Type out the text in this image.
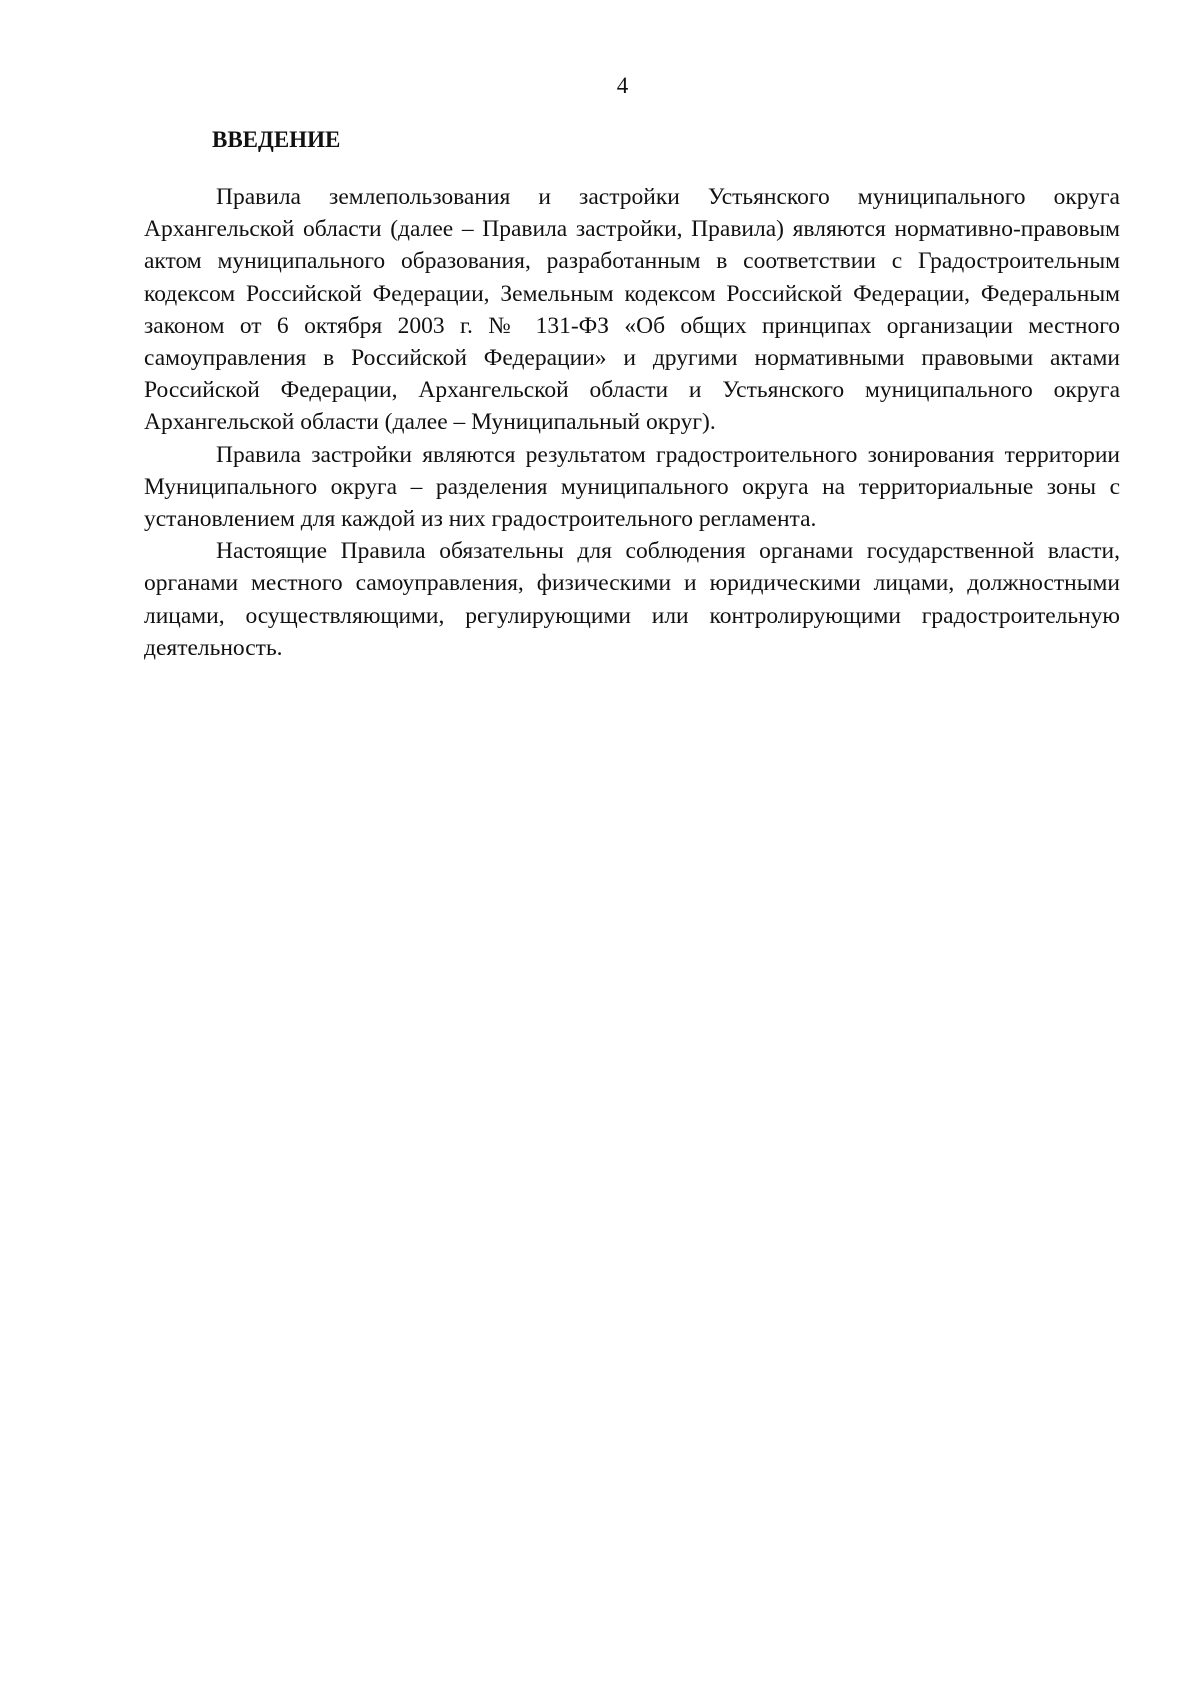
4
ВВЕДЕНИЕ

Правила землепользования и застройки Устьянского муниципального округа Архангельской области (далее – Правила застройки, Правила) являются нормативно-правовым актом муниципального образования, разработанным в соответствии с Градостроительным кодексом Российской Федерации, Земельным кодексом Российской Федерации, Федеральным законом от 6 октября 2003 г. № 131-ФЗ «Об общих принципах организации местного самоуправления в Российской Федерации» и другими нормативными правовыми актами Российской Федерации, Архангельской области и Устьянского муниципального округа Архангельской области (далее – Муниципальный округ).

Правила застройки являются результатом градостроительного зонирования территории Муниципального округа – разделения муниципального округа на территориальные зоны с установлением для каждой из них градостроительного регламента.

Настоящие Правила обязательны для соблюдения органами государственной власти, органами местного самоуправления, физическими и юридическими лицами, должностными лицами, осуществляющими, регулирующими или контролирующими градостроительную деятельность.
